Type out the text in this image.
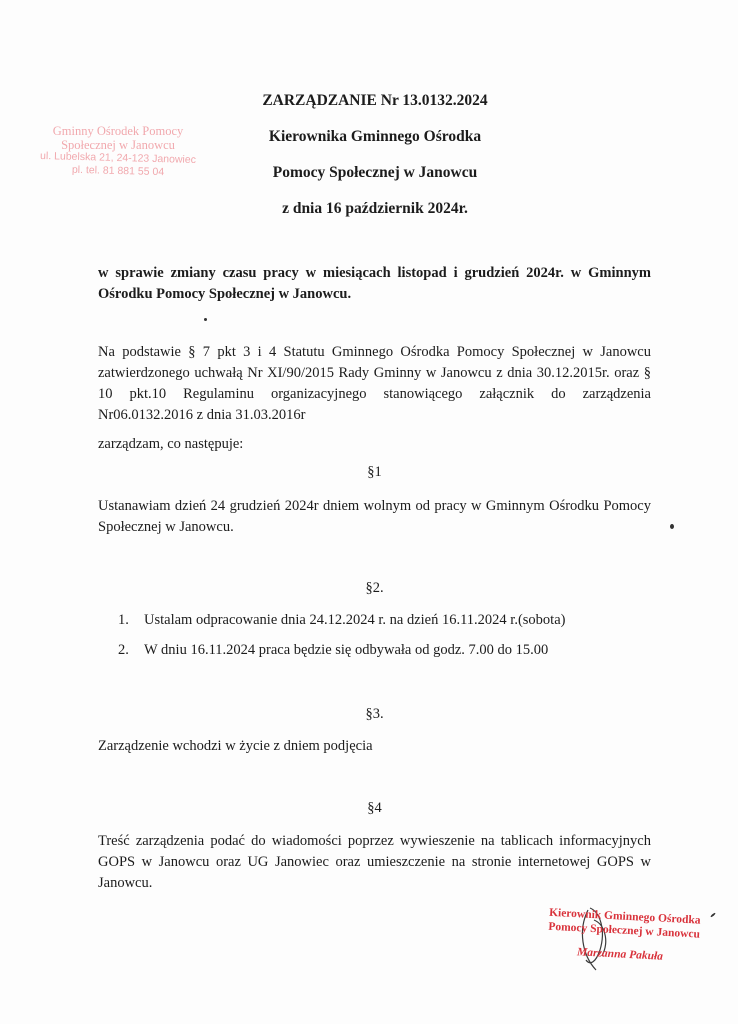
Gminny Ośrodek Pomocy
Społecznej w Janowcu
ul. Lubelska 21, 24-123 Janowiec
pl. tel. 81 881 55 04
ZARZĄDZANIE Nr 13.0132.2024
Kierownika Gminnego Ośrodka
Pomocy Społecznej w Janowcu
z dnia 16 październik 2024r.
w sprawie zmiany czasu pracy w miesiącach listopad i grudzień 2024r. w Gminnym Ośrodku Pomocy Społecznej w Janowcu.
Na podstawie § 7 pkt 3 i 4 Statutu Gminnego Ośrodka Pomocy Społecznej w Janowcu zatwierdzonego uchwałą Nr XI/90/2015 Rady Gminny w Janowcu z dnia 30.12.2015r. oraz § 10 pkt.10 Regulaminu organizacyjnego stanowiącego załącznik do zarządzenia Nr06.0132.2016 z dnia 31.03.2016r
zarządzam, co następuje:
§1
Ustanawiam dzień 24 grudzień 2024r dniem wolnym od pracy w Gminnym Ośrodku Pomocy Społecznej w Janowcu.
§2.
1. Ustalam odpracowanie dnia 24.12.2024 r. na dzień 16.11.2024 r.(sobota)
2. W dniu 16.11.2024 praca będzie się odbywała od godz. 7.00 do 15.00
§3.
Zarządzenie wchodzi w życie z dniem podjęcia
§4
Treść zarządzenia podać do wiadomości poprzez wywieszenie na tablicach informacyjnych GOPS w Janowcu oraz UG Janowiec oraz umieszczenie na stronie internetowej GOPS w Janowcu.
Kierownik Gminnego Ośrodka
Pomocy Społecznej w Janowcu
Marzanna Pakuła
